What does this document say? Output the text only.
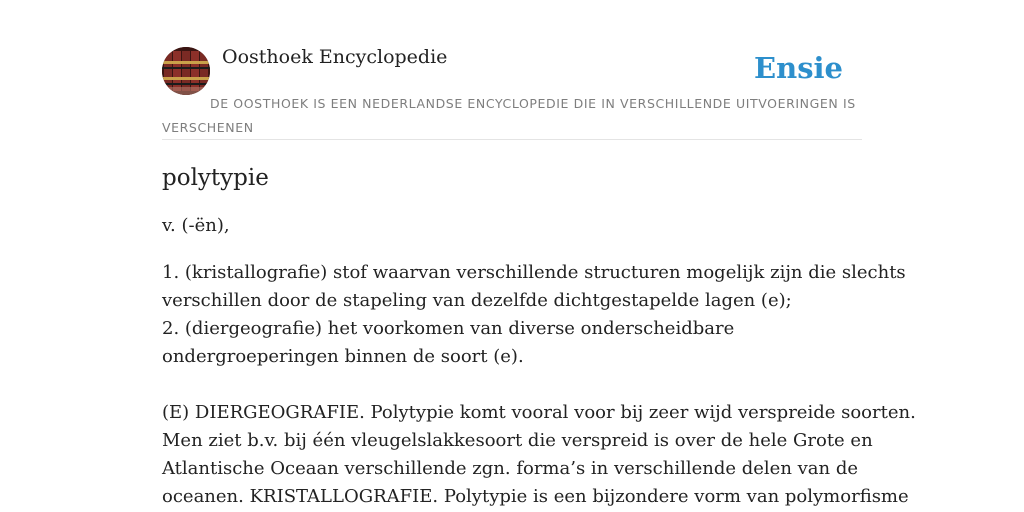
Oosthoek Encyclopedie	Ensie
DE OOSTHOEK IS EEN NEDERLANDSE ENCYCLOPEDIE DIE IN VERSCHILLENDE UITVOERINGEN IS VERSCHENEN
polytypie
v. (-ën),
1. (kristallografie) stof waarvan verschillende structuren mogelijk zijn die slechts
verschillen door de stapeling van dezelfde dichtgestapelde lagen (e);
2. (diergeografie) het voorkomen van diverse onderscheidbare
ondergroeperingen binnen de soort (e).
(E) DIERGEOGRAFIE. Polytypie komt vooral voor bij zeer wijd verspreide soorten.
Men ziet b.v. bij één vleugelslakkesoort die verspreid is over de hele Grote en
Atlantische Oceaan verschillende zgn. forma’s in verschillende delen van de
oceanen. KRISTALLOGRAFIE. Polytypie is een bijzondere vorm van polymorfisme
